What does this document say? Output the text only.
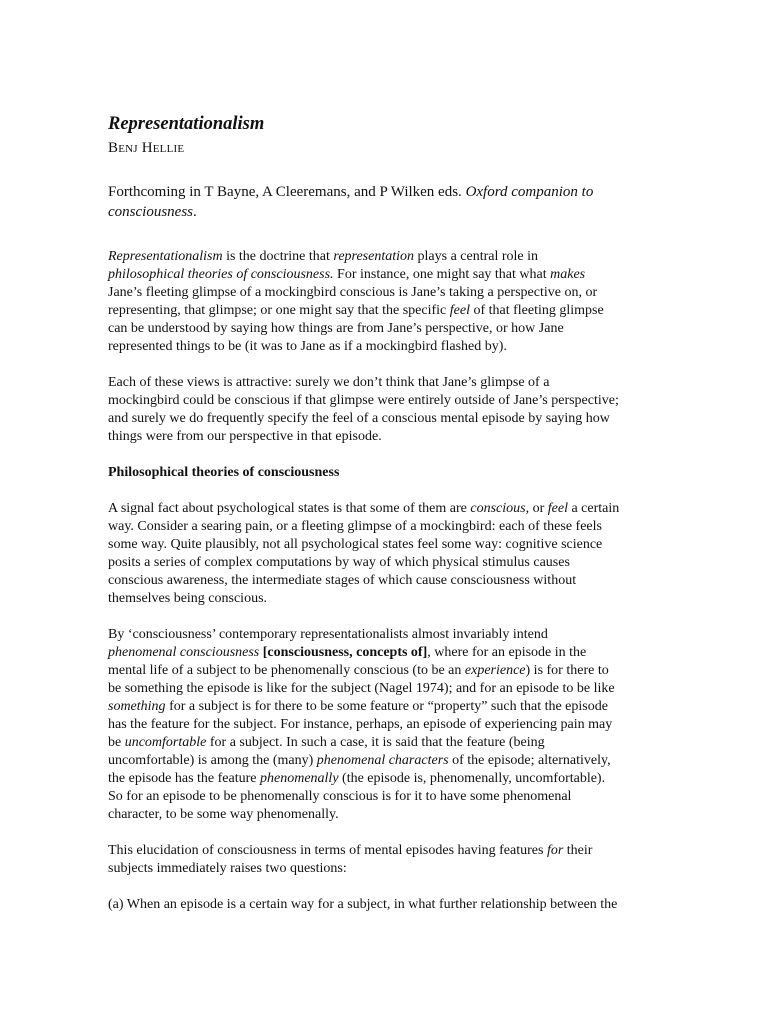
Representationalism

Benj Hellie

Forthcoming in T Bayne, A Cleeremans, and P Wilken eds. Oxford companion to
consciousness.

Representationalism is the doctrine that representation plays a central role in
philosophical theories of consciousness. For instance, one might say that what makes
Jane’s fleeting glimpse of a mockingbird conscious is Jane’s taking a perspective on, or
representing, that glimpse; or one might say that the specific feel of that fleeting glimpse
can be understood by saying how things are from Jane’s perspective, or how Jane
represented things to be (it was to Jane as if a mockingbird flashed by).

Each of these views is attractive: surely we don’t think that Jane’s glimpse of a
mockingbird could be conscious if that glimpse were entirely outside of Jane’s perspective;
and surely we do frequently specify the feel of a conscious mental episode by saying how
things were from our perspective in that episode.

Philosophical theories of consciousness

A signal fact about psychological states is that some of them are conscious, or feel a certain
way. Consider a searing pain, or a fleeting glimpse of a mockingbird: each of these feels
some way. Quite plausibly, not all psychological states feel some way: cognitive science
posits a series of complex computations by way of which physical stimulus causes
conscious awareness, the intermediate stages of which cause consciousness without
themselves being conscious.

By ‘consciousness’ contemporary representationalists almost invariably intend
phenomenal consciousness [consciousness, concepts of], where for an episode in the
mental life of a subject to be phenomenally conscious (to be an experience) is for there to
be something the episode is like for the subject (Nagel 1974); and for an episode to be like
something for a subject is for there to be some feature or “property” such that the episode
has the feature for the subject. For instance, perhaps, an episode of experiencing pain may
be uncomfortable for a subject. In such a case, it is said that the feature (being
uncomfortable) is among the (many) phenomenal characters of the episode; alternatively,
the episode has the feature phenomenally (the episode is, phenomenally, uncomfortable).
So for an episode to be phenomenally conscious is for it to have some phenomenal
character, to be some way phenomenally.

This elucidation of consciousness in terms of mental episodes having features for their
subjects immediately raises two questions:

(a) When an episode is a certain way for a subject, in what further relationship between the
